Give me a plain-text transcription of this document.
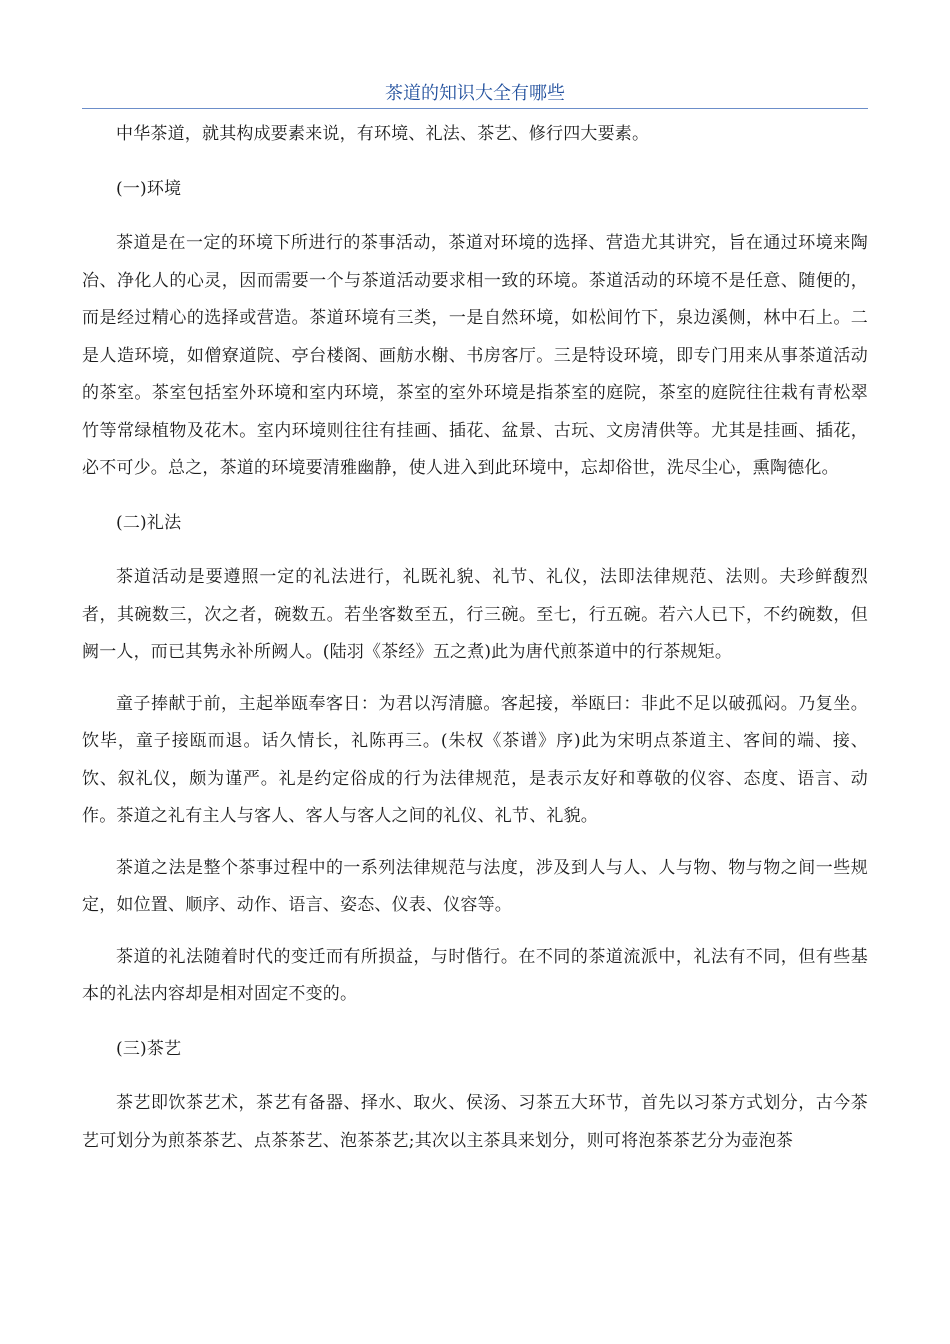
茶道的知识大全有哪些

中华茶道，就其构成要素来说，有环境、礼法、茶艺、修行四大要素。

(一)环境

茶道是在一定的环境下所进行的茶事活动，茶道对环境的选择、营造尤其讲究，旨在通过环境来陶冶、净化人的心灵，因而需要一个与茶道活动要求相一致的环境。茶道活动的环境不是任意、随便的，而是经过精心的选择或营造。茶道环境有三类，一是自然环境，如松间竹下，泉边溪侧，林中石上。二是人造环境，如僧寮道院、亭台楼阁、画舫水榭、书房客厅。三是特设环境，即专门用来从事茶道活动的茶室。茶室包括室外环境和室内环境，茶室的室外环境是指茶室的庭院，茶室的庭院往往栽有青松翠竹等常绿植物及花木。室内环境则往往有挂画、插花、盆景、古玩、文房清供等。尤其是挂画、插花，必不可少。总之，茶道的环境要清雅幽静，使人进入到此环境中，忘却俗世，洗尽尘心，熏陶德化。

(二)礼法

茶道活动是要遵照一定的礼法进行，礼既礼貌、礼节、礼仪，法即法律规范、法则。夫珍鲜馥烈者，其碗数三，次之者，碗数五。若坐客数至五，行三碗。至七，行五碗。若六人已下，不约碗数，但阙一人，而已其隽永补所阙人。(陆羽《茶经》五之煮)此为唐代煎茶道中的行茶规矩。

童子捧献于前，主起举瓯奉客日：为君以泻清臆。客起接，举瓯曰：非此不足以破孤闷。乃复坐。饮毕，童子接瓯而退。话久情长，礼陈再三。(朱权《茶谱》序)此为宋明点茶道主、客间的端、接、饮、叙礼仪，颇为谨严。礼是约定俗成的行为法律规范，是表示友好和尊敬的仪容、态度、语言、动作。茶道之礼有主人与客人、客人与客人之间的礼仪、礼节、礼貌。

茶道之法是整个茶事过程中的一系列法律规范与法度，涉及到人与人、人与物、物与物之间一些规定，如位置、顺序、动作、语言、姿态、仪表、仪容等。

茶道的礼法随着时代的变迁而有所损益，与时偕行。在不同的茶道流派中，礼法有不同，但有些基本的礼法内容却是相对固定不变的。

(三)茶艺

茶艺即饮茶艺术，茶艺有备器、择水、取火、侯汤、习茶五大环节，首先以习茶方式划分，古今茶艺可划分为煎茶茶艺、点茶茶艺、泡茶茶艺;其次以主茶具来划分，则可将泡茶茶艺分为壶泡茶
